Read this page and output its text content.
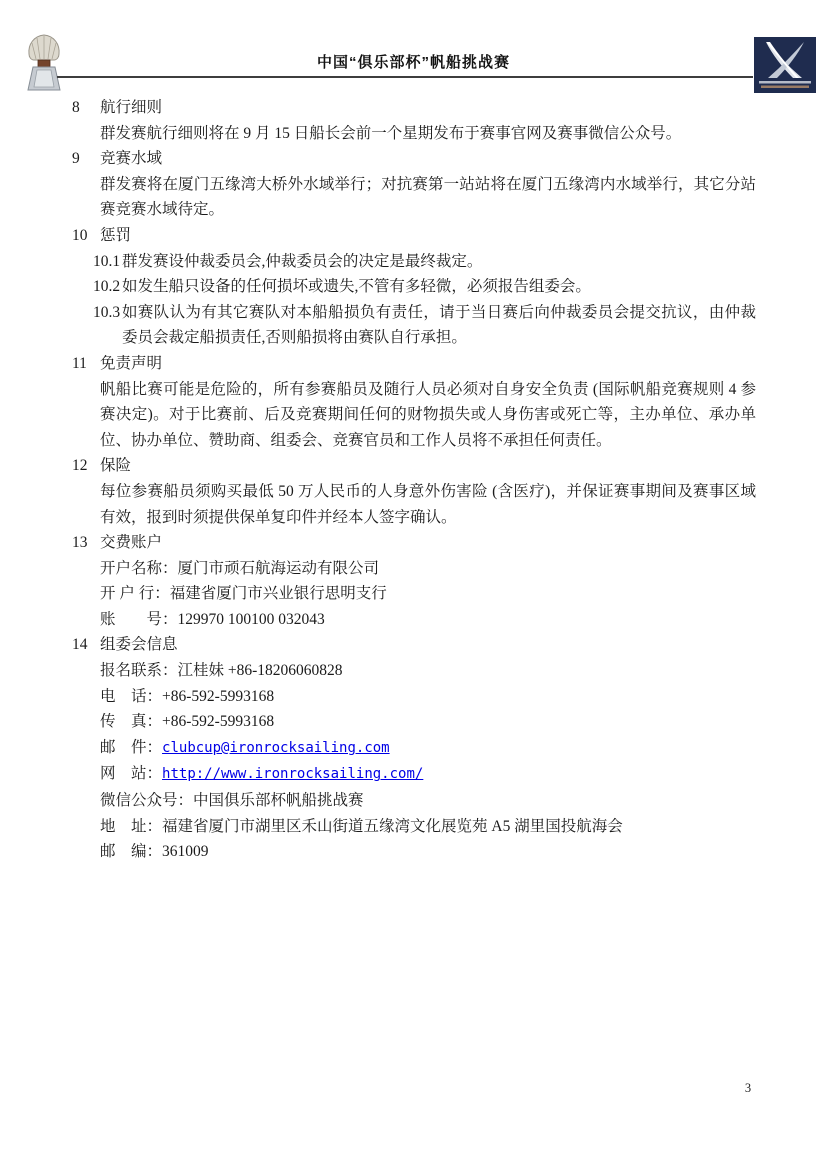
中国“俱乐部杯”帆船挑战赛
8 航行细则

群发赛航行细则将在 9 月 15 日船长会前一个星期发布于赛事官网及赛事微信公众号。

9 竞赛水域

群发赛将在厦门五缘湾大桥外水域举行；对抗赛第一站站将在厦门五缘湾内水域举行，其它分站赛竞赛水域待定。

10 惩罚
10.1 群发赛设仲裁委员会,仲裁委员会的决定是最终裁定。
10.2 如发生船只设备的任何损坏或遗失,不管有多轻微，必须报告组委会。
10.3 如赛队认为有其它赛队对本船船损负有责任，请于当日赛后向仲裁委员会提交抗议，由仲裁委员会裁定船损责任,否则船损将由赛队自行承担。
11 免责声明

帆船比赛可能是危险的，所有参赛船员及随行人员必须对自身安全负责 (国际帆船竞赛规则 4 参赛决定)。对于比赛前、后及竞赛期间任何的财物损失或人身伤害或死亡等，主办单位、承办单位、协办单位、赞助商、组委会、竞赛官员和工作人员将不承担任何责任。

12 保险

每位参赛船员须购买最低 50 万人民币的人身意外伤害险 (含医疗)，并保证赛事期间及赛事区域有效，报到时须提供保单复印件并经本人签字确认。

13 交费账户
开户名称：厦门市顽石航海运动有限公司
开 户 行：福建省厦门市兴业银行思明支行
账　　号：129970 100100 032043
14 组委会信息
报名联系：江桂妹 +86-18206060828
电　话：+86-592-5993168
传　真：+86-592-5993168
邮　件：clubcup@ironrocksailing.com
网　站：http://www.ironrocksailing.com/
微信公众号：中国俱乐部杯帆船挑战赛
地　址：福建省厦门市湖里区禾山街道五缘湾文化展览苑 A5 湖里国投航海会
邮　编：361009
3
